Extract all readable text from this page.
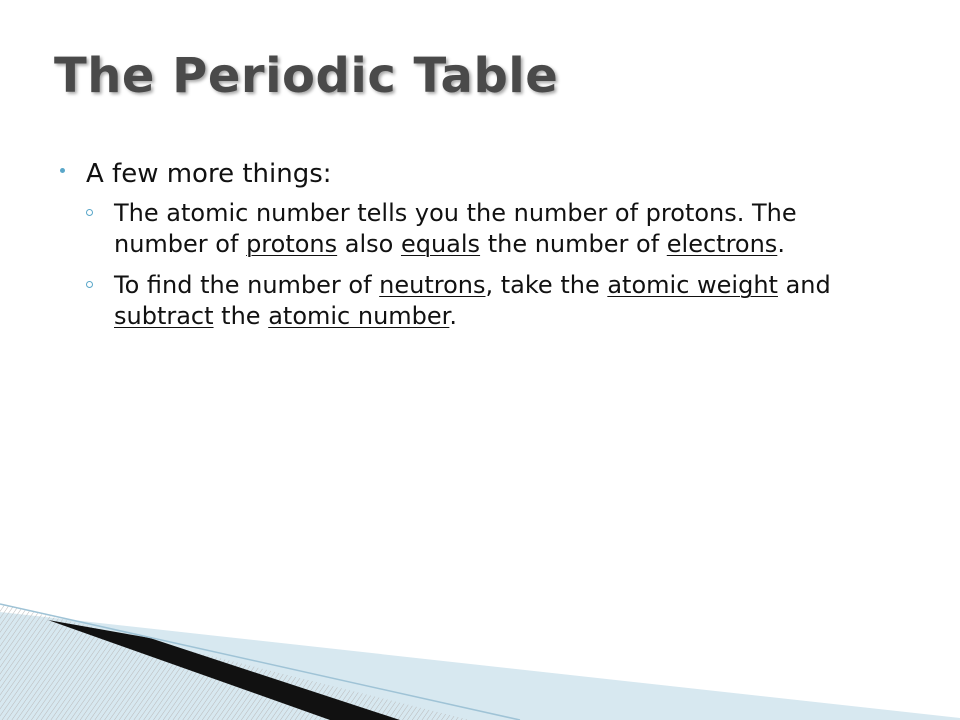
The Periodic Table
A few more things:
The atomic number tells you the number of protons. The number of protons also equals the number of electrons.
To find the number of neutrons, take the atomic weight and subtract the atomic number.
